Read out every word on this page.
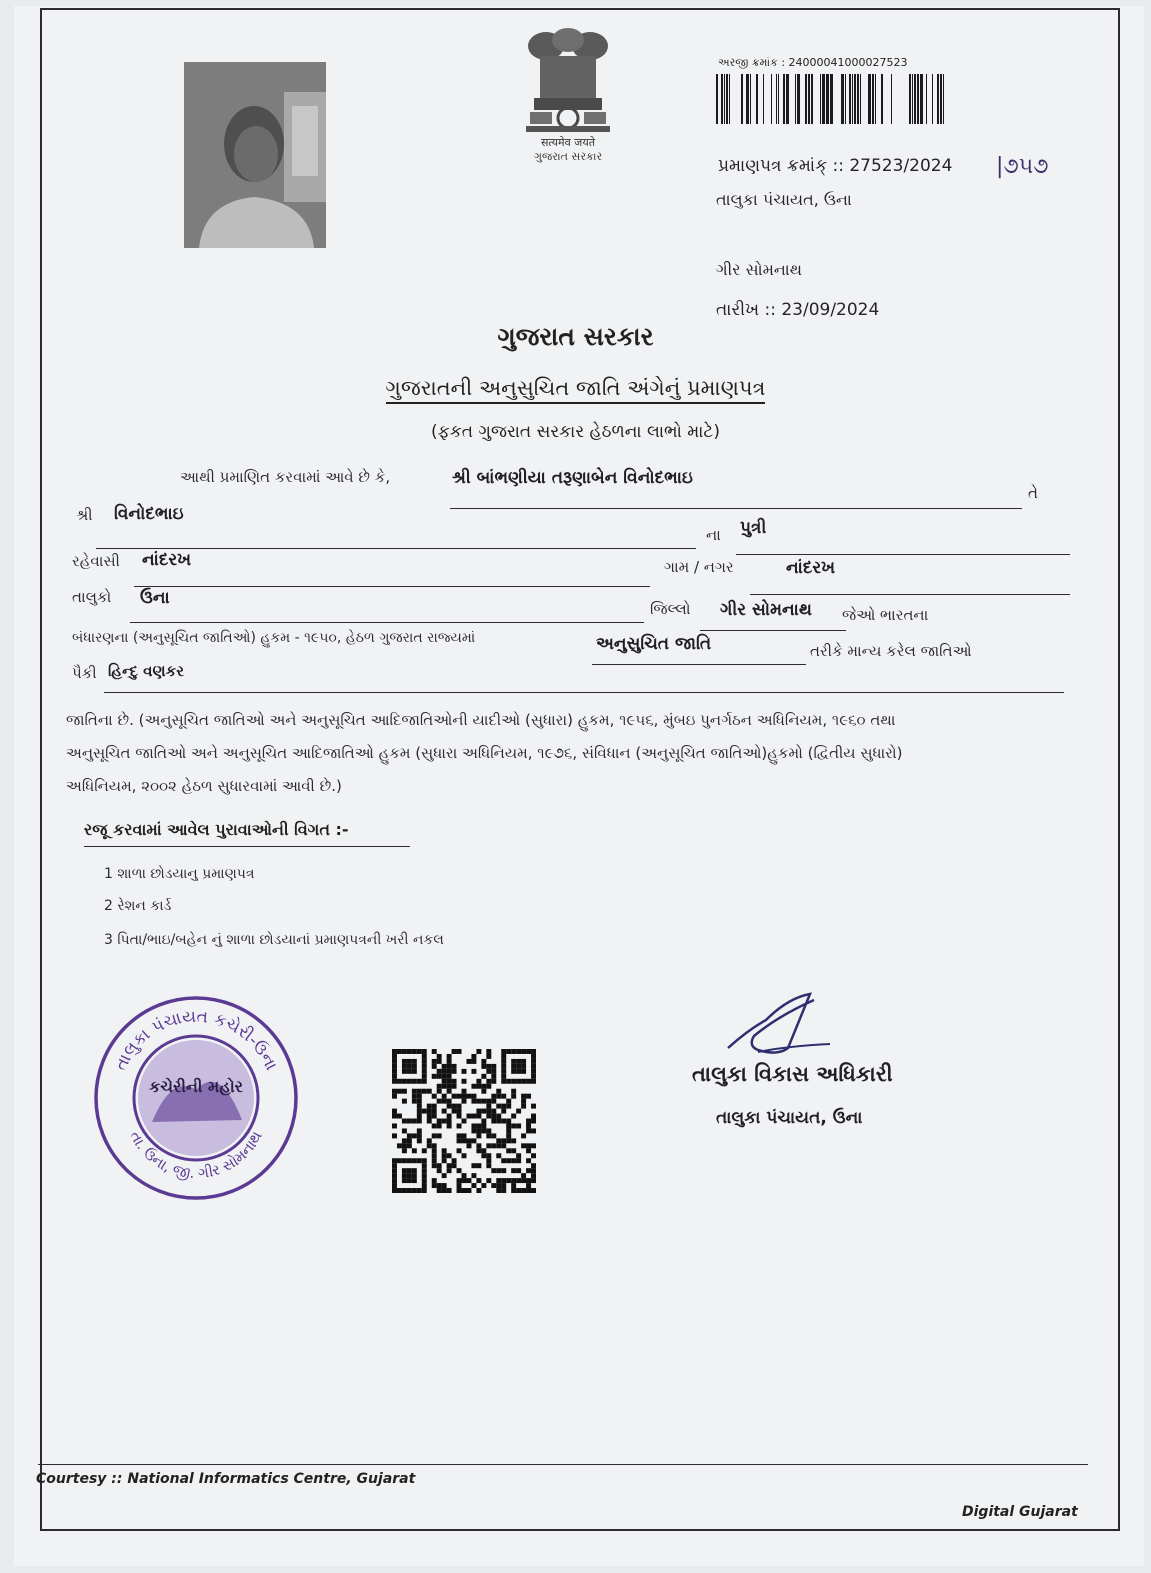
सत्यमेव जयते
ગુજરાત સરકાર
અરજી ક્રમાંક : 24000041000027523
પ્રમાણપત્ર ક્રમાંક્ :: 27523/2024 |૭૫૭
તાલુકા પંચાયત, ઉના
ગીર સોમનાથ
તારીખ :: 23/09/2024
ગુજરાત સરકાર
ગુજરાતની અનુસુચિત જાતિ અંગેનું પ્રમાણપત્ર
(ફકત ગુજરાત સરકાર હેઠળના લાભો માટે)
આથી પ્રમાણિત કરવામાં આવે છે કે,	શ્રી બાંભણીયા તરૂણાબેન વિનોદભાઇ
તે
શ્રી વિનોદભાઇ
ના પુત્રી
રહેવાસી નાંદરખ	ગામ / નગર	નાંદરખ
તાલુકો ઉના
જિલ્લો ગીર સોમનાથ જેઓ ભારતના
બંધારણના (અનુસૂચિત જાતિઓ) હુકમ - ૧૯૫૦, હેઠળ ગુજરાત રાજ્યમાં	અનુસુચિત જાતિ	તરીકે માન્ય કરેલ જાતિઓ
પૈકી હિન્દુ વણકર
જાતિના છે. (અનુસૂચિત જાતિઓ અને અનુસૂચિત આદિજાતિઓની યાદીઓ (સુધારા) હુકમ, ૧૯૫૬, મુંબઇ પુનર્ગઠન અધિનિયમ, ૧૯૬૦ તથા
અનુસૂચિત જાતિઓ અને અનુસૂચિત આદિજાતિઓ હુકમ (સુધારા અધિનિયમ, ૧૯૭૬, સંવિધાન (અનુસૂચિત જાતિઓ)હુકમો (દ્વિતીય સુધારો)
અધિનિયમ, ૨૦૦૨ હેઠળ સુધારવામાં આવી છે.)
રજૂ કરવામાં આવેલ પુરાવાઓની વિગત :-
1 શાળા છોડયાનુ પ્રમાણપત્ર
2 રેશન કાર્ડ
3 પિતા/ભાઇ/બહેન નું શાળા છોડયાનાં પ્રમાણપત્રની ખરી નકલ
તાલુકા પંચાયત કચેરી-ઉના
તા. ઉના, જી. ગીર સોમનાથ
કચેરીની મહોર
તાલુકા વિકાસ અધિકારી
તાલુકા પંચાયત, ઉના
Courtesy :: National Informatics Centre, Gujarat
Digital Gujarat
